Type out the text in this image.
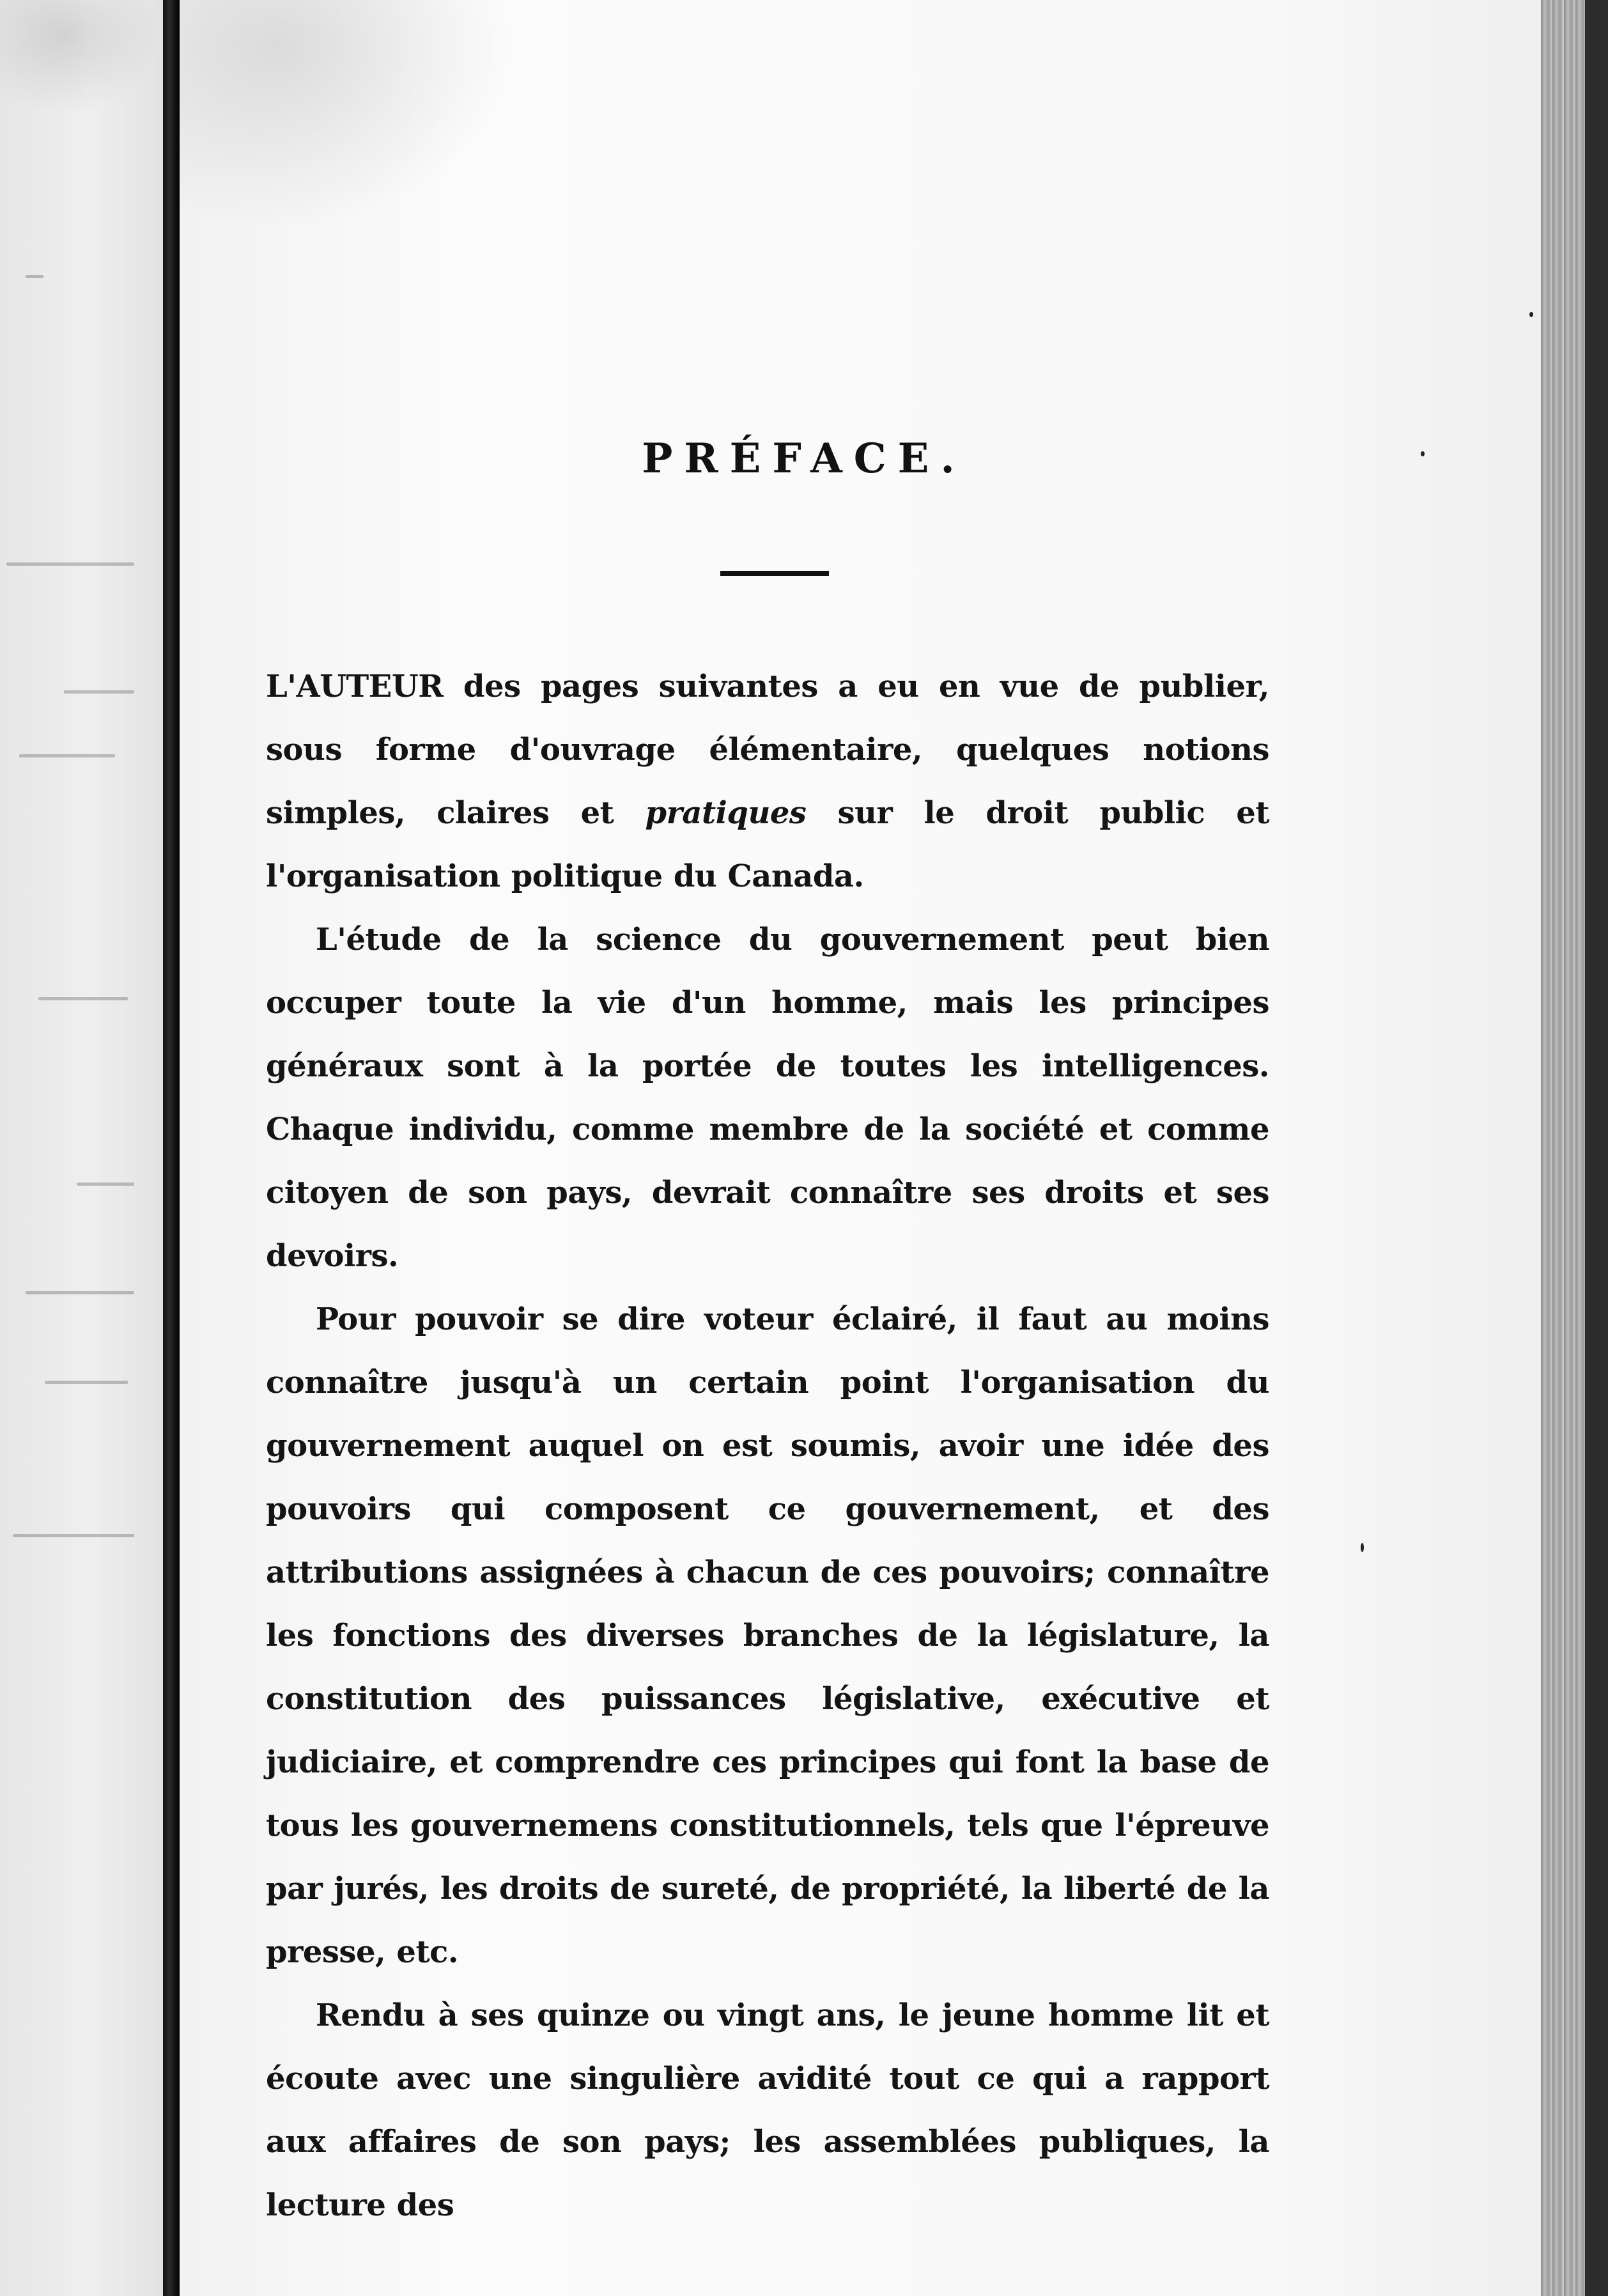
PRÉFACE.

L'AUTEUR des pages suivantes a eu en vue de publier, sous forme d'ouvrage élémentaire, quelques notions simples, claires et pratiques sur le droit public et l'organisation politique du Canada.

L'étude de la science du gouvernement peut bien occuper toute la vie d'un homme, mais les principes généraux sont à la portée de toutes les intelligences. Chaque individu, comme membre de la société et comme citoyen de son pays, devrait connaître ses droits et ses devoirs.

Pour pouvoir se dire voteur éclairé, il faut au moins connaître jusqu'à un certain point l'organisation du gouvernement auquel on est soumis, avoir une idée des pouvoirs qui composent ce gouvernement, et des attributions assignées à chacun de ces pouvoirs; connaître les fonctions des diverses branches de la législature, la constitution des puissances législative, exécutive et judiciaire, et comprendre ces principes qui font la base de tous les gouvernemens constitutionnels, tels que l'épreuve par jurés, les droits de sureté, de propriété, la liberté de la presse, etc.

Rendu à ses quinze ou vingt ans, le jeune homme lit et écoute avec une singulière avidité tout ce qui a rapport aux affaires de son pays; les assemblées publiques, la lecture des
